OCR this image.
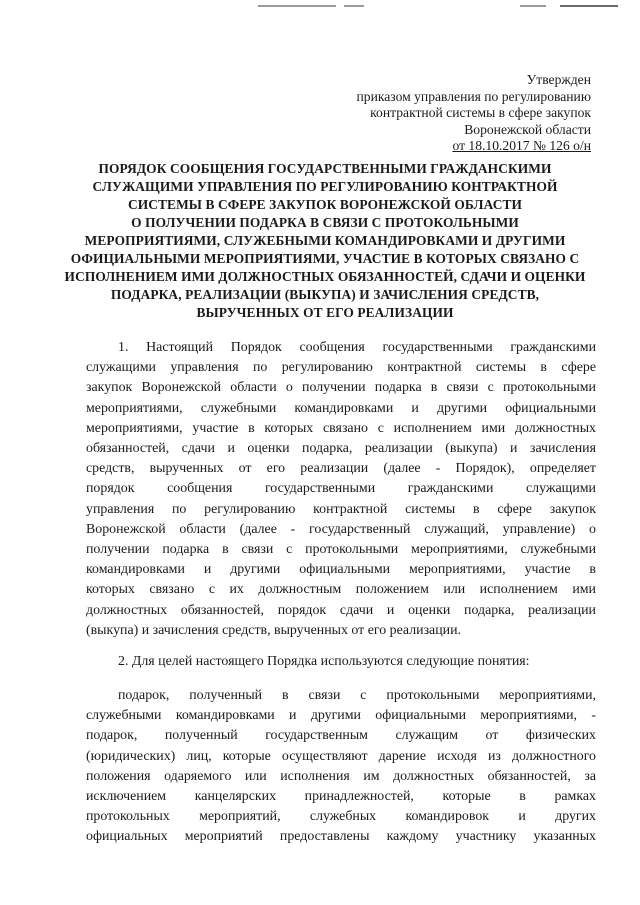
Утвержден
приказом управления по регулированию
контрактной системы в сфере закупок
Воронежской области
от 18.10.2017 № 126 о/н
ПОРЯДОК СООБЩЕНИЯ ГОСУДАРСТВЕННЫМИ ГРАЖДАНСКИМИ
СЛУЖАЩИМИ УПРАВЛЕНИЯ ПО РЕГУЛИРОВАНИЮ КОНТРАКТНОЙ
СИСТЕМЫ В СФЕРЕ ЗАКУПОК ВОРОНЕЖСКОЙ ОБЛАСТИ
О ПОЛУЧЕНИИ ПОДАРКА В СВЯЗИ С ПРОТОКОЛЬНЫМИ
МЕРОПРИЯТИЯМИ, СЛУЖЕБНЫМИ КОМАНДИРОВКАМИ И ДРУГИМИ
ОФИЦИАЛЬНЫМИ МЕРОПРИЯТИЯМИ, УЧАСТИЕ В КОТОРЫХ СВЯЗАНО С
ИСПОЛНЕНИЕМ ИМИ ДОЛЖНОСТНЫХ ОБЯЗАННОСТЕЙ, СДАЧИ И ОЦЕНКИ
ПОДАРКА, РЕАЛИЗАЦИИ (ВЫКУПА) И ЗАЧИСЛЕНИЯ СРЕДСТВ,
ВЫРУЧЕННЫХ ОТ ЕГО РЕАЛИЗАЦИИ
1. Настоящий Порядок сообщения государственными гражданскими
служащими управления по регулированию контрактной системы в сфере
закупок Воронежской области о получении подарка в связи с протокольными
мероприятиями, служебными командировками и другими официальными
мероприятиями, участие в которых связано с исполнением ими должностных
обязанностей, сдачи и оценки подарка, реализации (выкупа) и зачисления
средств, вырученных от его реализации (далее - Порядок), определяет
порядок сообщения государственными гражданскими служащими
управления по регулированию контрактной системы в сфере закупок
Воронежской области (далее - государственный служащий, управление) о
получении подарка в связи с протокольными мероприятиями, служебными
командировками и другими официальными мероприятиями, участие в
которых связано с их должностным положением или исполнением ими
должностных обязанностей, порядок сдачи и оценки подарка, реализации
(выкупа) и зачисления средств, вырученных от его реализации.
2. Для целей настоящего Порядка используются следующие понятия:
подарок, полученный в связи с протокольными мероприятиями,
служебными командировками и другими официальными мероприятиями, -
подарок, полученный государственным служащим от физических
(юридических) лиц, которые осуществляют дарение исходя из должностного
положения одаряемого или исполнения им должностных обязанностей, за
исключением канцелярских принадлежностей, которые в рамках
протокольных мероприятий, служебных командировок и других
официальных мероприятий предоставлены каждому участнику указанных
